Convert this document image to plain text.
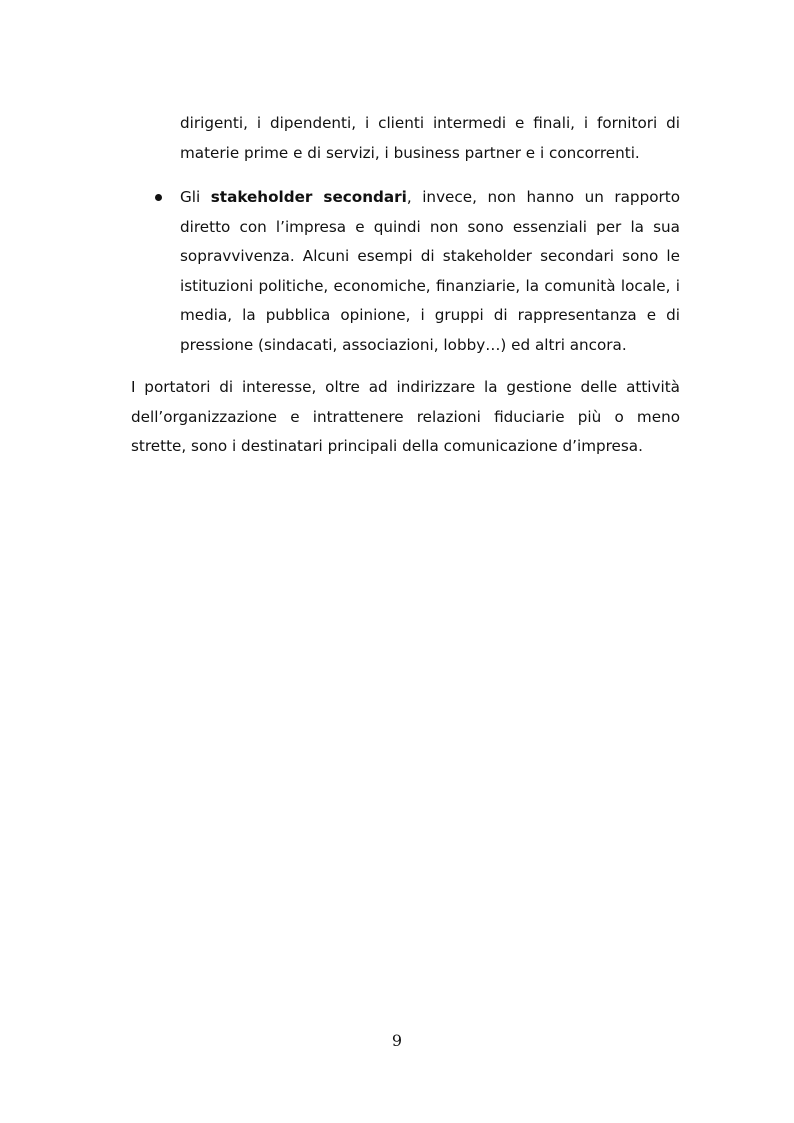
dirigenti, i dipendenti, i clienti intermedi e finali, i fornitori di materie prime e di servizi, i business partner e i concorrenti.

Gli stakeholder secondari, invece, non hanno un rapporto diretto con l’impresa e quindi non sono essenziali per la sua sopravvivenza. Alcuni esempi di stakeholder secondari sono le istituzioni politiche, economiche, finanziarie, la comunità locale, i media, la pubblica opinione, i gruppi di rappresentanza e di pressione (sindacati, associazioni, lobby…) ed altri ancora.

I portatori di interesse, oltre ad indirizzare la gestione delle attività dell’organizzazione e intrattenere relazioni fiduciarie più o meno strette, sono i destinatari principali della comunicazione d’impresa.

9
